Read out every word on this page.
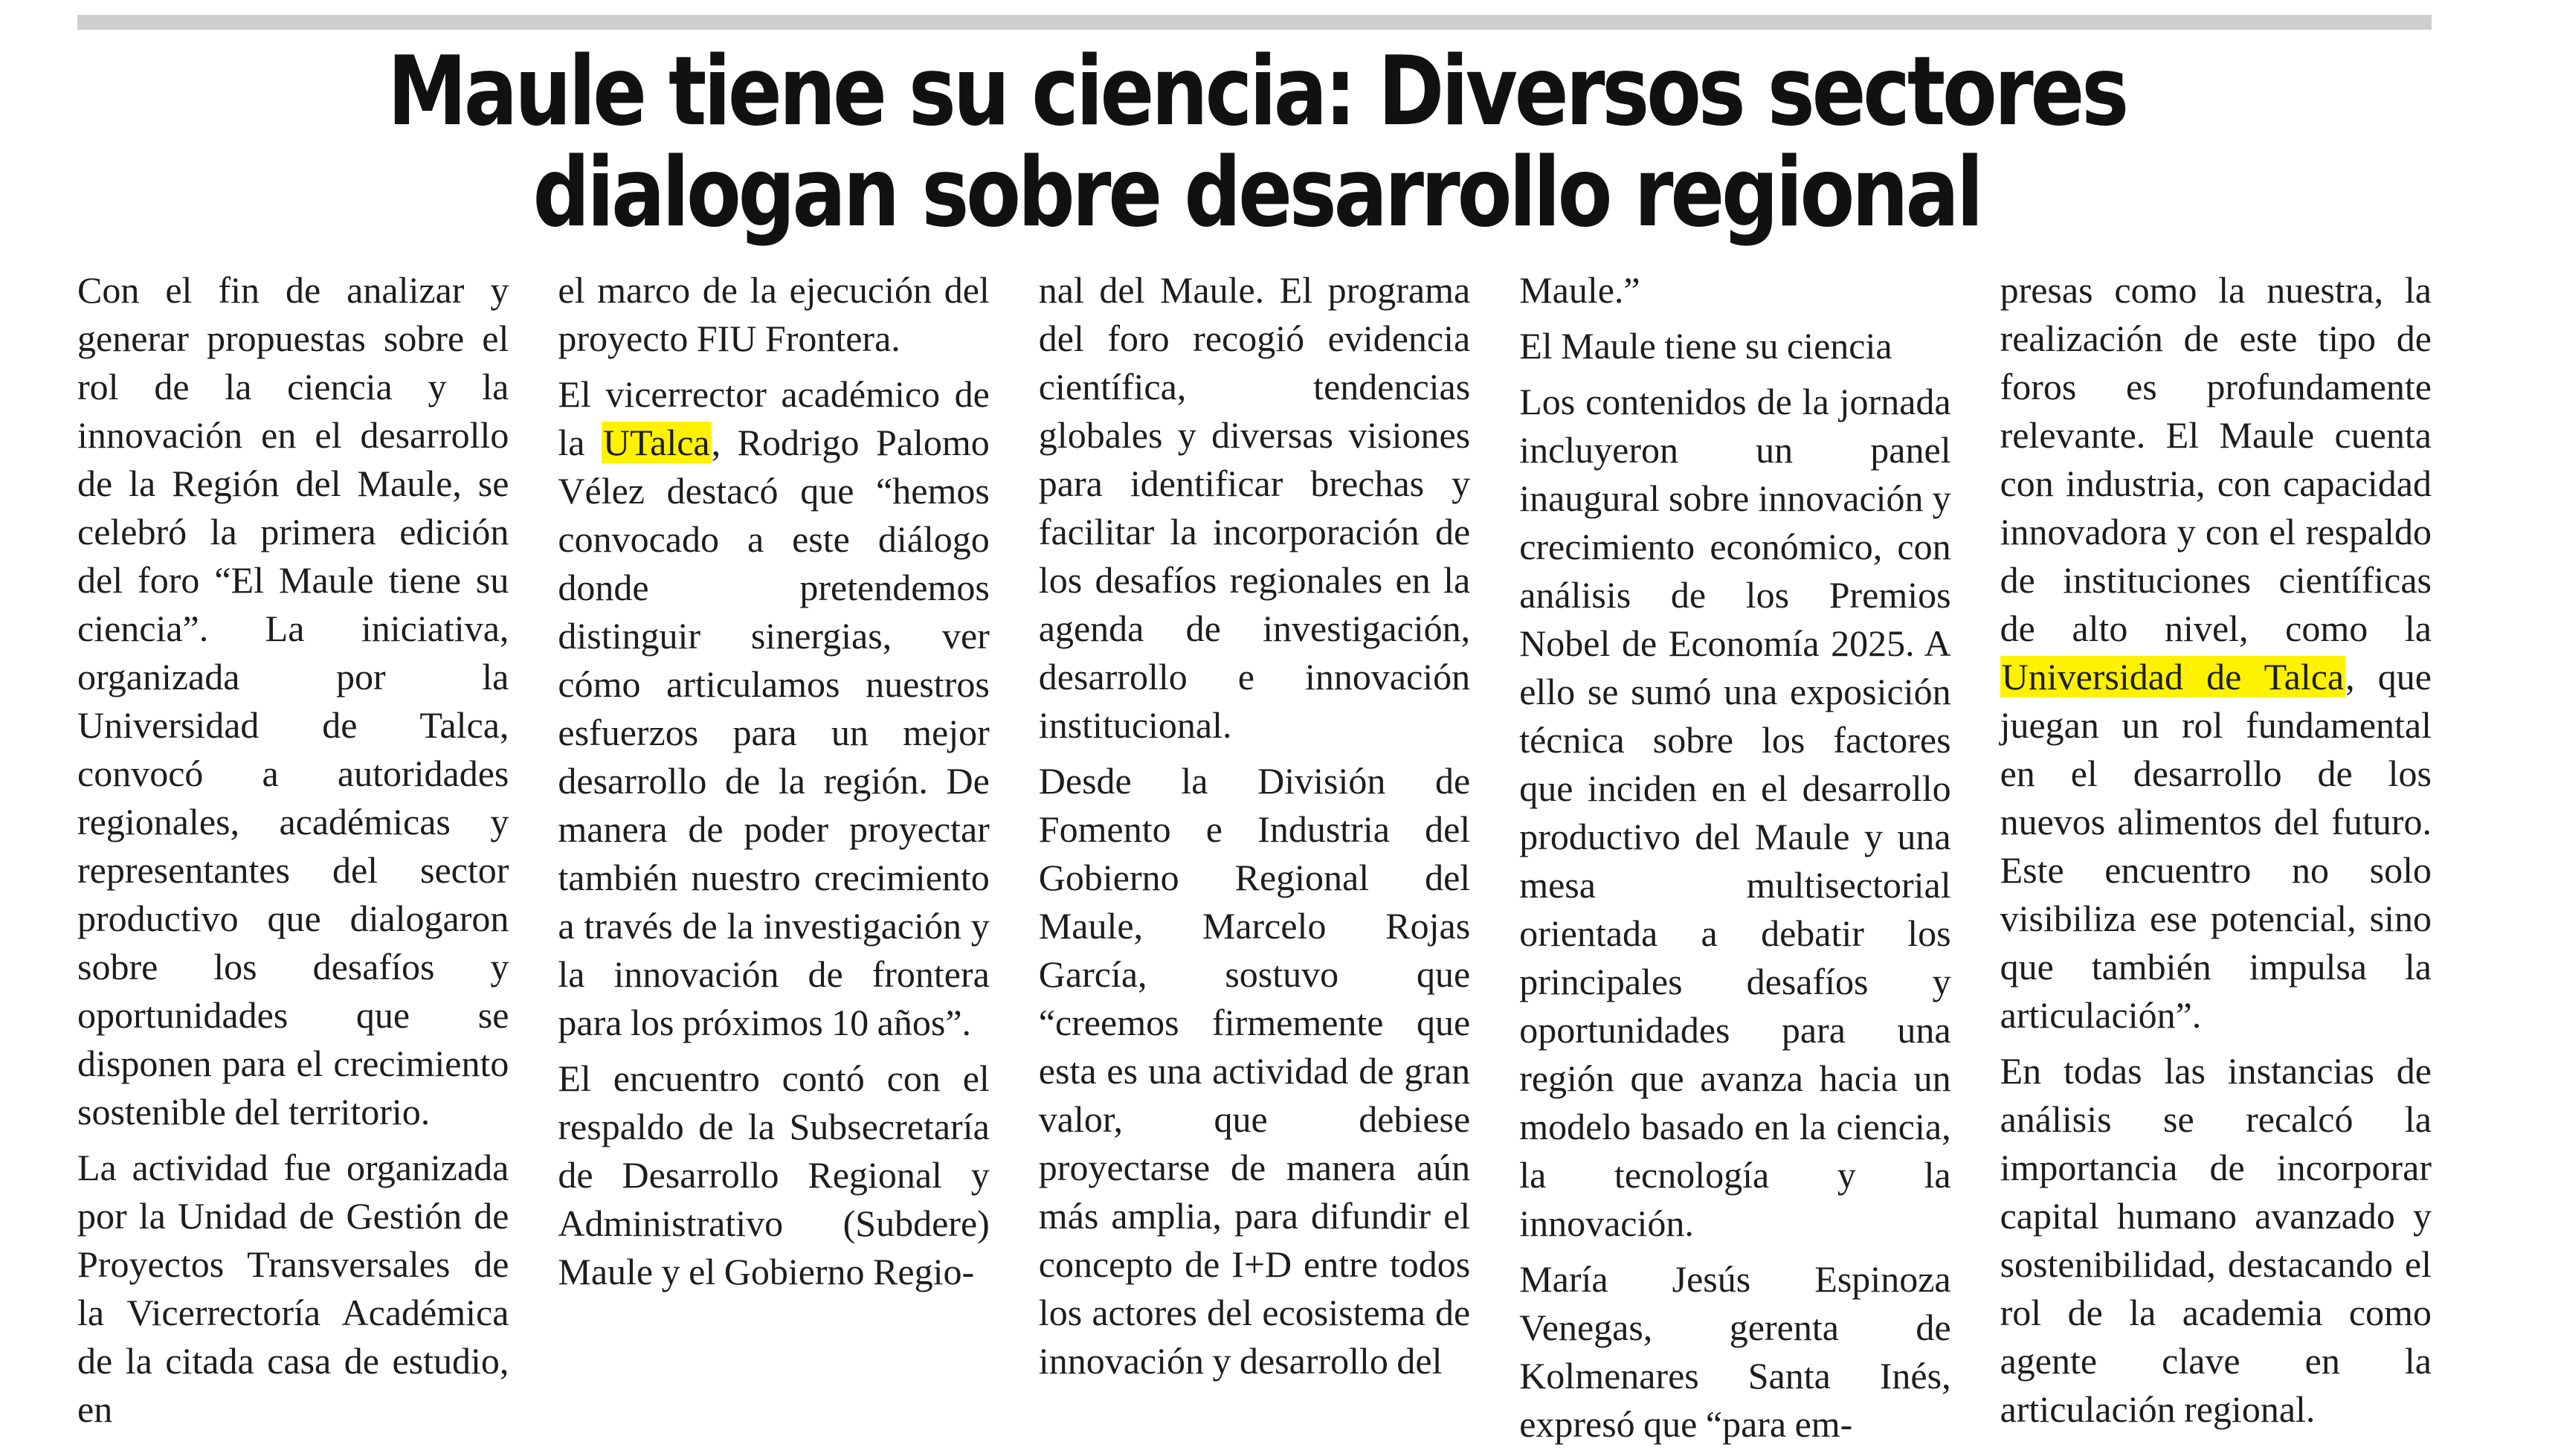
Maule tiene su ciencia: Diversos sectores dialogan sobre desarrollo regional

Con el fin de analizar y generar propuestas sobre el rol de la ciencia y la innovación en el desarrollo de la Región del Maule, se celebró la primera edición del foro “El Maule tiene su ciencia”. La iniciativa, organizada por la Universidad de Talca, convocó a autoridades regionales, académicas y representantes del sector productivo que dialogaron sobre los desafíos y oportunidades que se disponen para el crecimiento sostenible del territorio.

La actividad fue organizada por la Unidad de Gestión de Proyectos Transversales de la Vicerrectoría Académica de la citada casa de estudio, en

el marco de la ejecución del proyecto FIU Frontera.

El vicerrector académico de la UTalca, Rodrigo Palomo Vélez destacó que “hemos convocado a este diálogo donde pretendemos distinguir sinergias, ver cómo articulamos nuestros esfuerzos para un mejor desarrollo de la región. De manera de poder proyectar también nuestro crecimiento a través de la investigación y la innovación de frontera para los próximos 10 años”.

El encuentro contó con el respaldo de la Subsecretaría de Desarrollo Regional y Administrativo (Subdere) Maule y el Gobierno Regio-

nal del Maule. El programa del foro recogió evidencia científica, tendencias globales y diversas visiones para identificar brechas y facilitar la incorporación de los desafíos regionales en la agenda de investigación, desarrollo e innovación institucional.

Desde la División de Fomento e Industria del Gobierno Regional del Maule, Marcelo Rojas García, sostuvo que “creemos firmemente que esta es una actividad de gran valor, que debiese proyectarse de manera aún más amplia, para difundir el concepto de I+D entre todos los actores del ecosistema de innovación y desarrollo del

Maule.”

El Maule tiene su ciencia

Los contenidos de la jornada incluyeron un panel inaugural sobre innovación y crecimiento económico, con análisis de los Premios Nobel de Economía 2025. A ello se sumó una exposición técnica sobre los factores que inciden en el desarrollo productivo del Maule y una mesa multisectorial orientada a debatir los principales desafíos y oportunidades para una región que avanza hacia un modelo basado en la ciencia, la tecnología y la innovación.

María Jesús Espinoza Venegas, gerenta de Kolmenares Santa Inés, expresó que “para em-

presas como la nuestra, la realización de este tipo de foros es profundamente relevante. El Maule cuenta con industria, con capacidad innovadora y con el respaldo de instituciones científicas de alto nivel, como la Universidad de Talca, que juegan un rol fundamental en el desarrollo de los nuevos alimentos del futuro. Este encuentro no solo visibiliza ese potencial, sino que también impulsa la articulación”.

En todas las instancias de análisis se recalcó la importancia de incorporar capital humano avanzado y sostenibilidad, destacando el rol de la academia como agente clave en la articulación regional.
